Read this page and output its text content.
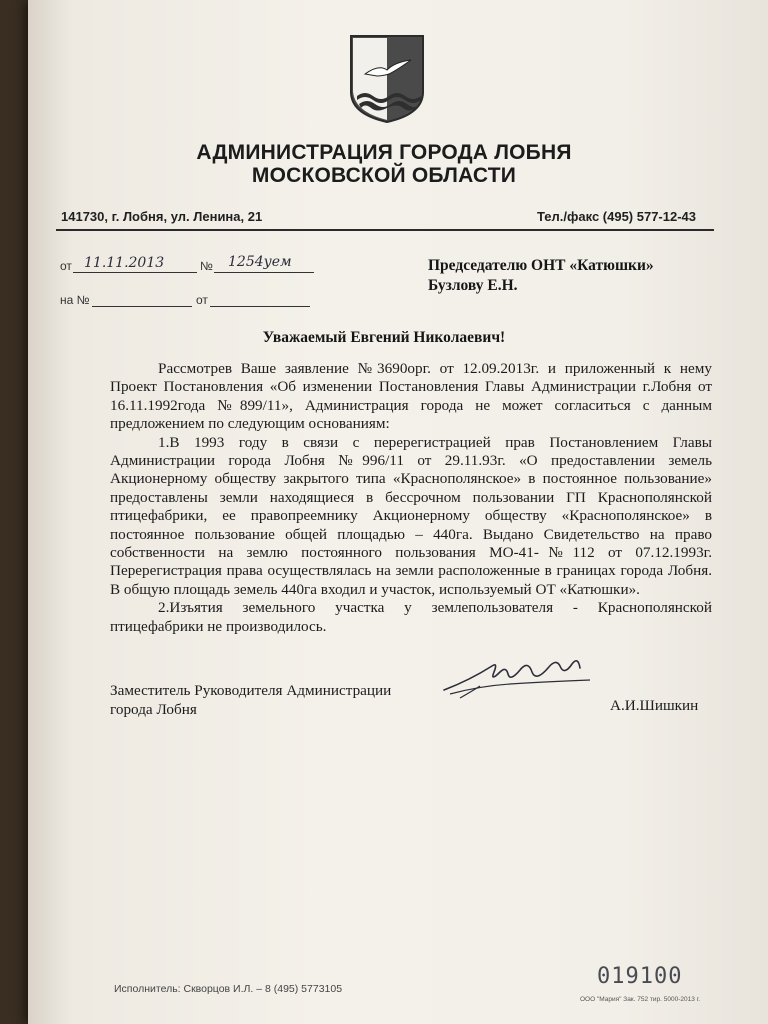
АДМИНИСТРАЦИЯ ГОРОДА ЛОБНЯ
МОСКОВСКОЙ ОБЛАСТИ
141730, г. Лобня, ул. Ленина, 21	Тел./факс (495) 577-12-43
от 11.11.2013	№ 1254уем
на №	от
Председателю ОНТ «Катюшки»
Бузлову Е.Н.
Уважаемый Евгений Николаевич!

Рассмотрев Ваше заявление №3690орг. от 12.09.2013г. и приложенный к нему Проект Постановления «Об изменении Постановления Главы Администрации г.Лобня от 16.11.1992года №899/11», Администрация города не может согласиться с данным предложением по следующим основаниям:

1.В 1993 году в связи с перерегистрацией прав Постановлением Главы Администрации города Лобня №996/11 от 29.11.93г. «О предоставлении земель Акционерному обществу закрытого типа «Краснополянское» в постоянное пользование» предоставлены земли находящиеся в бессрочном пользовании ГП Краснополянской птицефабрики, ее правопреемнику Акционерному обществу «Краснополянское» в постоянное пользование общей площадью – 440га. Выдано Свидетельство на право собственности на землю постоянного пользования МО-41-№112 от 07.12.1993г. Перерегистрация права осуществлялась на земли расположенные в границах города Лобня. В общую площадь земель 440га входил и участок, используемый ОТ «Катюшки».

2.Изъятия земельного участка у землепользователя - Краснополянской птицефабрики не производилось.

Заместитель Руководителя Администрации
города Лобня	А.И.Шишкин
019100
Исполнитель: Скворцов И.Л. – 8 (495) 5773105
ООО "Мария" Зак. 752 тир. 5000-2013 г.
